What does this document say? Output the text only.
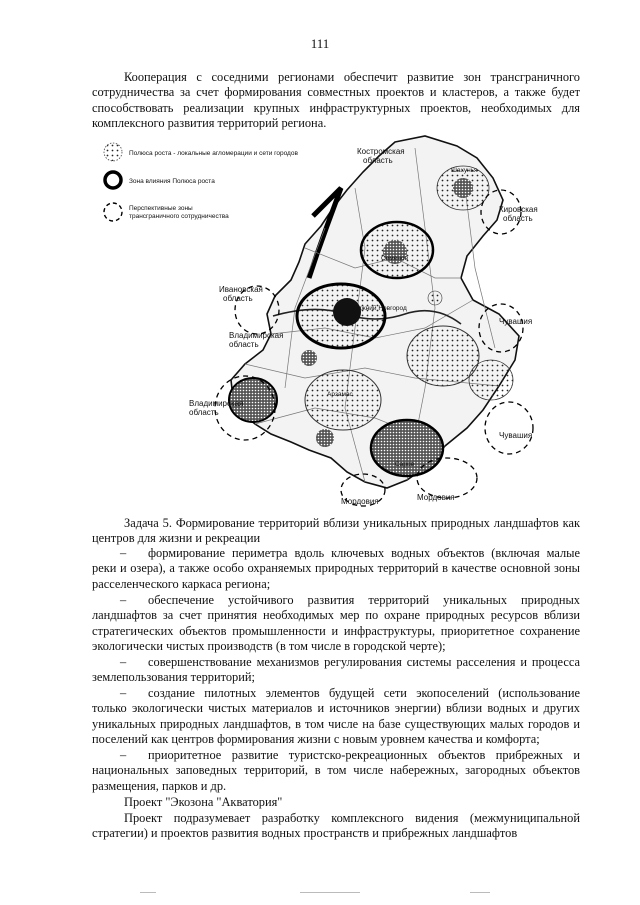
111

Кооперация с соседними регионами обеспечит развитие зон трансграничного сотрудничества за счет формирования совместных проектов и кластеров, а также будет способствовать реализации крупных инфраструктурных проектов, необходимых для комплексного развития территорий региона.

Полюса роста - локальные агломерации и сети городов
Зона влияния Полюса роста
Перспективные зоны
трансграничного сотрудничества
Костромская
область
Кировская
область
Ивановская
область
Владимирская
область
Владимирская
область
Чувашия
Чувашия
Мордовия	Мордовия
Шахунья
Семенов
Нижний Новгород
Арзамас
Саров

Задача 5. Формирование территорий вблизи уникальных природных ландшафтов как центров для жизни и рекреации

– формирование периметра вдоль ключевых водных объектов (включая малые реки и озера), а также особо охраняемых природных территорий в качестве основной зоны расселенческого каркаса региона;

– обеспечение устойчивого развития территорий уникальных природных ландшафтов за счет принятия необходимых мер по охране природных ресурсов вблизи стратегических объектов промышленности и инфраструктуры, приоритетное сохранение экологически чистых производств (в том числе в городской черте);

– совершенствование механизмов регулирования системы расселения и процесса землепользования территорий;

– создание пилотных элементов будущей сети экопоселений (использование только экологически чистых материалов и источников энергии) вблизи водных и других уникальных природных ландшафтов, в том числе на базе существующих малых городов и поселений как центров формирования жизни с новым уровнем качества и комфорта;

– приоритетное развитие туристско-рекреационных объектов прибрежных и национальных заповедных территорий, в том числе набережных, загородных объектов размещения, парков и др.

Проект "Экозона "Акватория"

Проект подразумевает разработку комплексного видения (межмуниципальной стратегии) и проектов развития водных пространств и прибрежных ландшафтов
